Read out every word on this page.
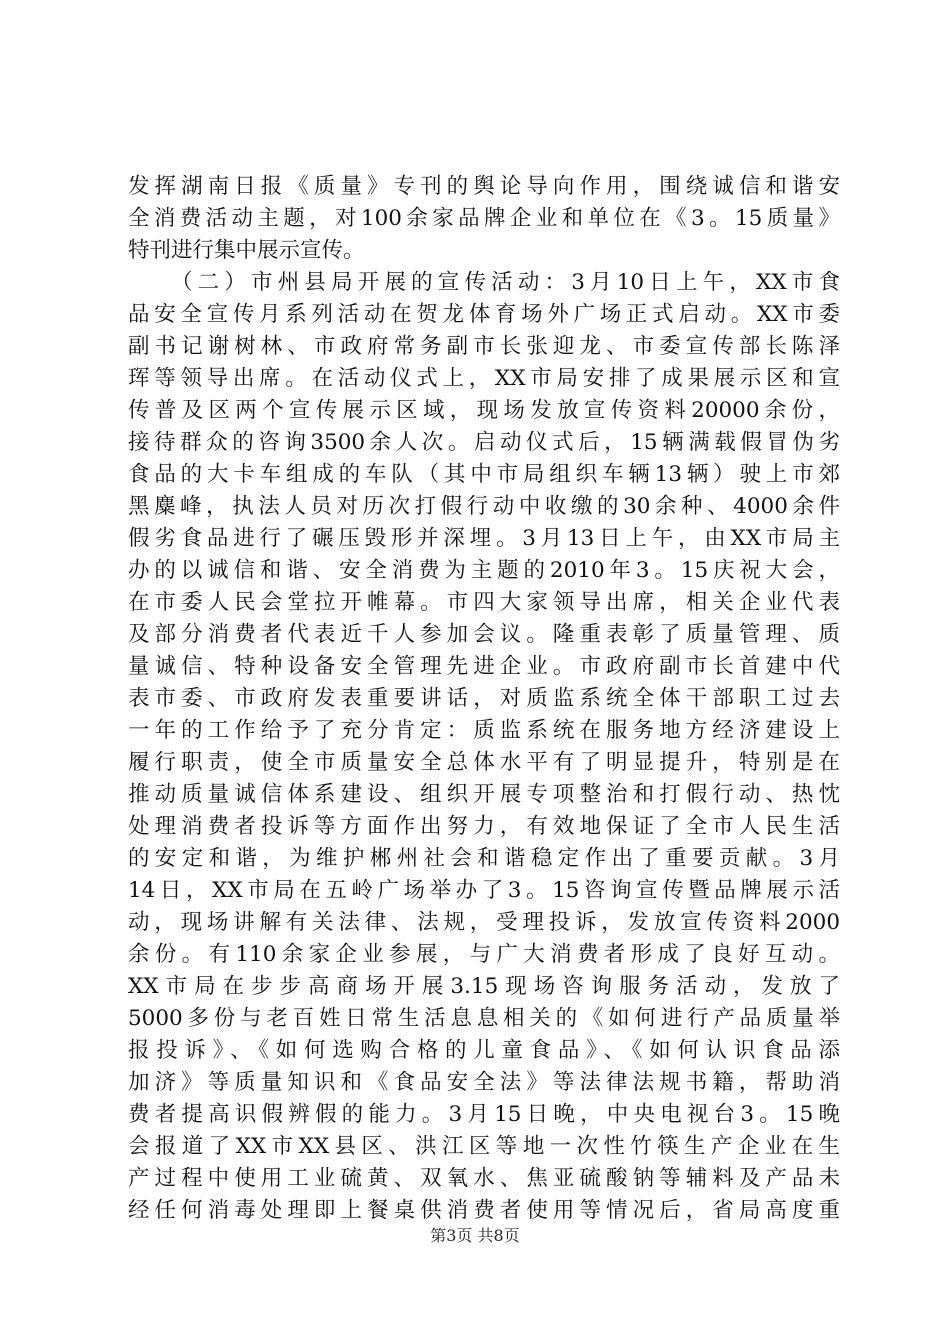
发挥湖南日报《质量》专刊的舆论导向作用，围绕诚信和谐安
全消费活动主题，对100余家品牌企业和单位在《3。15质量》
特刊进行集中展示宣传。
（二）市州县局开展的宣传活动：3月10日上午，XX市食
品安全宣传月系列活动在贺龙体育场外广场正式启动。XX市委
副书记谢树林、市政府常务副市长张迎龙、市委宣传部长陈泽
珲等领导出席。在活动仪式上，XX市局安排了成果展示区和宣
传普及区两个宣传展示区域，现场发放宣传资料20000余份，
接待群众的咨询3500余人次。启动仪式后，15辆满载假冒伪劣
食品的大卡车组成的车队（其中市局组织车辆13辆）驶上市郊
黑麋峰，执法人员对历次打假行动中收缴的30余种、4000余件
假劣食品进行了碾压毁形并深埋。3月13日上午，由XX市局主
办的以诚信和谐、安全消费为主题的2010年3。15庆祝大会，
在市委人民会堂拉开帷幕。市四大家领导出席，相关企业代表
及部分消费者代表近千人参加会议。隆重表彰了质量管理、质
量诚信、特种设备安全管理先进企业。市政府副市长首建中代
表市委、市政府发表重要讲话，对质监系统全体干部职工过去
一年的工作给予了充分肯定：质监系统在服务地方经济建设上
履行职责，使全市质量安全总体水平有了明显提升，特别是在
推动质量诚信体系建设、组织开展专项整治和打假行动、热忱
处理消费者投诉等方面作出努力，有效地保证了全市人民生活
的安定和谐，为维护郴州社会和谐稳定作出了重要贡献。3月
14日，XX市局在五岭广场举办了3。15咨询宣传暨品牌展示活
动，现场讲解有关法律、法规，受理投诉，发放宣传资料2000
余份。有110余家企业参展，与广大消费者形成了良好互动。
XX市局在步步高商场开展3.15现场咨询服务活动，发放了
5000多份与老百姓日常生活息息相关的《如何进行产品质量举
报投诉》、《如何选购合格的儿童食品》、《如何认识食品添
加济》等质量知识和《食品安全法》等法律法规书籍，帮助消
费者提高识假辨假的能力。3月15日晚，中央电视台3。15晚
会报道了XX市XX县区、洪江区等地一次性竹筷生产企业在生
产过程中使用工业硫黄、双氧水、焦亚硫酸钠等辅料及产品未
经任何消毒处理即上餐桌供消费者使用等情况后，省局高度重
第3页 共8页
